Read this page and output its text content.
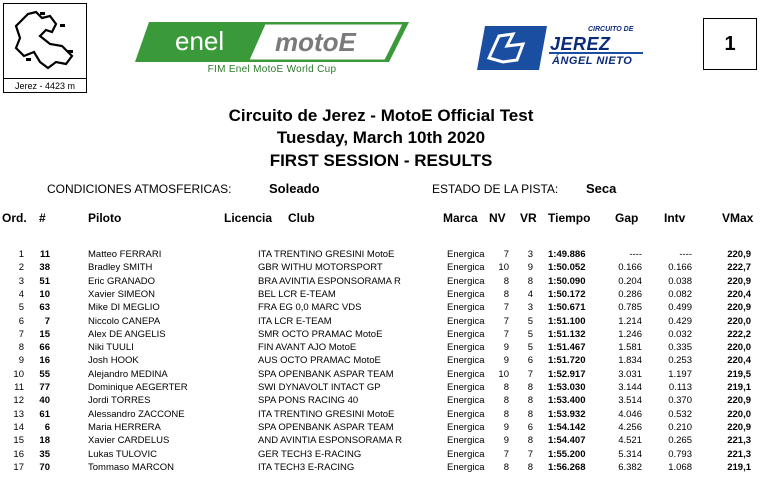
Jerez - 4423 m
enel motoE
FIM Enel MotoE World Cup
CIRCUITO DE
JEREZ
ÁNGEL NIETO
1
Circuito de Jerez - MotoE Official Test
Tuesday, March 10th 2020
FIRST SESSION - RESULTS
CONDICIONES ATMOSFERICAS:	Soleado	ESTADO DE LA PISTA: Seca
Ord. #	Piloto	Licencia Club	Marca NV VR Tiempo Gap Intv	VMax
1	11	Matteo FERRARI	ITA TRENTINO GRESINI MotoE	Energica	7	3 1:49.886	----	----	220,9
2	38	Bradley SMITH	GBR WITHU MOTORSPORT	Energica	10	9 1:50.052	0.166	0.166	222,7
3	51	Eric GRANADO	BRA AVINTIA ESPONSORAMA R	Energica	8	8 1:50.090	0.204	0.038	220,9
4	10	Xavier SIMEON	BEL LCR E-TEAM	Energica	8	4 1:50.172	0.286	0.082	220,4
5	63	Mike DI MEGLIO	FRA EG 0,0 MARC VDS	Energica	7	3 1:50.671	0.785	0.499	220,9
6	7	Niccolo CANEPA	ITA LCR E-TEAM	Energica	7	5 1:51.100	1.214	0.429	220,0
7	15	Alex DE ANGELIS	SMR OCTO PRAMAC MotoE	Energica	7	5 1:51.132	1.246	0.032	222,2
8	66	Niki TUULI	FIN AVANT AJO MotoE	Energica	9	5 1:51.467	1.581	0.335	220,0
9	16	Josh HOOK	AUS OCTO PRAMAC MotoE	Energica	9	6 1:51.720	1.834	0.253	220,4
10	55	Alejandro MEDINA	SPA OPENBANK ASPAR TEAM	Energica	10	7 1:52.917	3.031	1.197	219,5
11	77	Dominique AEGERTER	SWI DYNAVOLT INTACT GP	Energica	8	8 1:53.030	3.144	0.113	219,1
12	40	Jordi TORRES	SPA PONS RACING 40	Energica	8	8 1:53.400	3.514	0.370	220,9
13	61	Alessandro ZACCONE	ITA TRENTINO GRESINI MotoE	Energica	8	8 1:53.932	4.046	0.532	220,0
14	6	Maria HERRERA	SPA OPENBANK ASPAR TEAM	Energica	9	6 1:54.142	4.256	0.210	220,9
15	18	Xavier CARDELUS	AND AVINTIA ESPONSORAMA R	Energica	9	8 1:54.407	4.521	0.265	221,3
16	35	Lukas TULOVIC	GER TECH3 E-RACING	Energica	7	7 1:55.200	5.314	0.793	221,3
17	70	Tommaso MARCON	ITA TECH3 E-RACING	Energica	8	8 1:56.268	6.382	1.068	219,1
